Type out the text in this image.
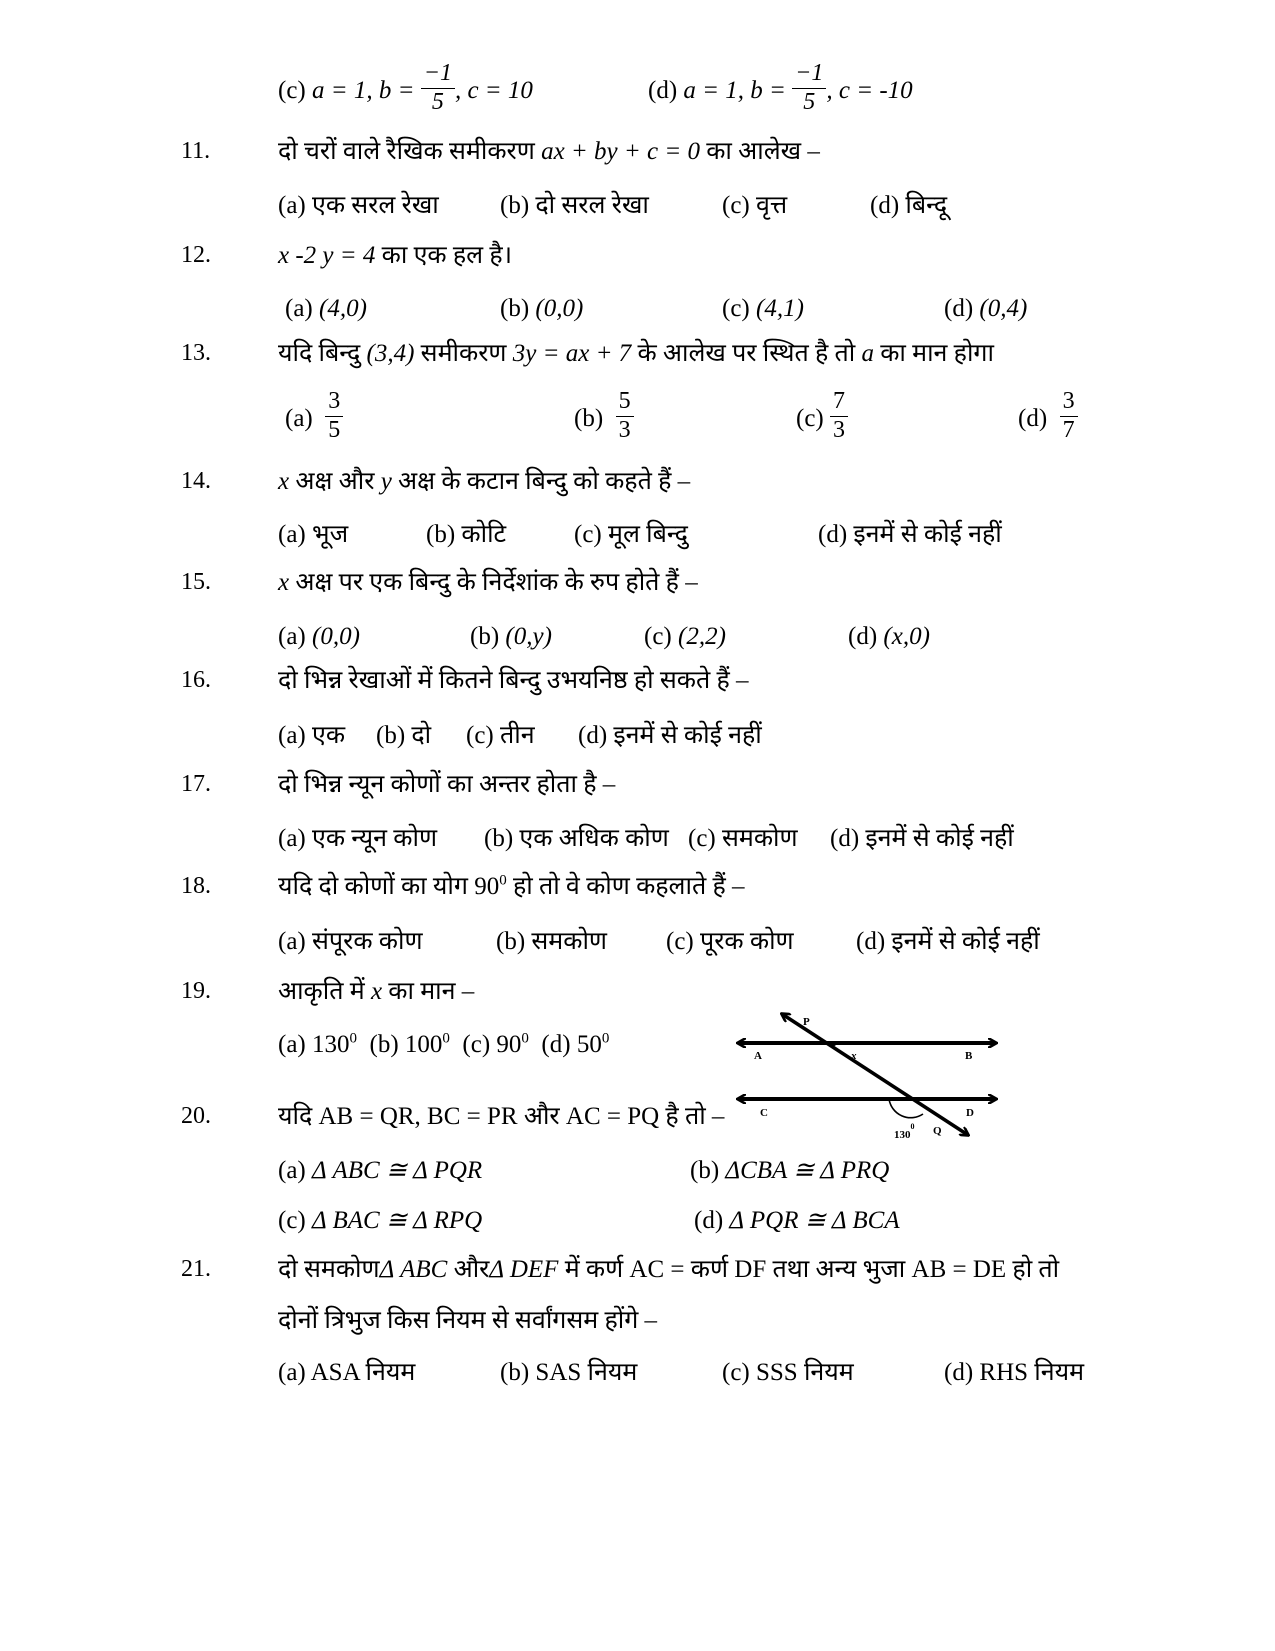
(c) a = 1, $b = \frac{-1}{5}$ , c = 10	(d) a = 1, $b = \frac{-1}{5}$ , c = -10
11.	दो चरों वाले रैखिक समीकरण ax + by + c = 0 का आलेख –
(a) एक सरल रेखा (b) दो सरल रेखा	(c) वृत्त	(d) बिन्दू
12.	x -2 y = 4 का एक हल है।
(a) (4,0)	(b) (0,0)	(c) (4,1)	(d) (0,4)
13.	यदि बिन्दु (3,4) समीकरण 3y = ax + 7 के आलेख पर स्थित है तो a का मान होगा
$(a) \frac{3}{5}$	$(b) \frac{5}{3}$	$(c) \frac{7}{3}$	$(d) \frac{3}{7}$
14.	x अक्ष और y अक्ष के कटान बिन्दु को कहते हैं –
(a) भूज	(b) कोटि	(c) मूल बिन्दु	(d) इनमें से कोई नहीं
15.	x अक्ष पर एक बिन्दु के निर्देशांक के रुप होते हैं –
(a) (0,0)	(b) (0,y)	(c) (2,2)	(d) (x,0)
16.	दो भिन्न रेखाओं में कितने बिन्दु उभयनिष्ठ हो सकते हैं –
(a) एक (b) दो (c) तीन (d) इनमें से कोई नहीं
17.	दो भिन्न न्यून कोणों का अन्तर होता है –
(a) एक न्यून कोण (b) एक अधिक कोण (c) समकोण (d) इनमें से कोई नहीं
18.	यदि दो कोणों का योग $90^0$ हो तो वे कोण कहलाते हैं –
(a) संपूरक कोण	(b) समकोण (c) पूरक कोण (d) इनमें से कोई नहीं
19.	आकृति में x का मान –
(a) $130^0$ (b) $100^0$ (c) $90^0$ (d) $50^0$
P
A	x	B
C	D
$130^0$ Q
20.	यदि AB = QR, BC = PR और AC = PQ है तो –
(a) Δ ABC ≅ Δ PQR	(b) ΔCBA ≅ Δ PRQ
(c) Δ BAC ≅ Δ RPQ	(d) Δ PQR ≅ Δ BCA
21.	दो समकोणΔ ABC औरΔ DEF में कर्ण AC = कर्ण DF तथा अन्य भुजा AB = DE हो तो
दोनों त्रिभुज किस नियम से सर्वांगसम होंगे –
(a) ASA नियम	(b) SAS नियम	(c) SSS नियम	(d) RHS नियम
